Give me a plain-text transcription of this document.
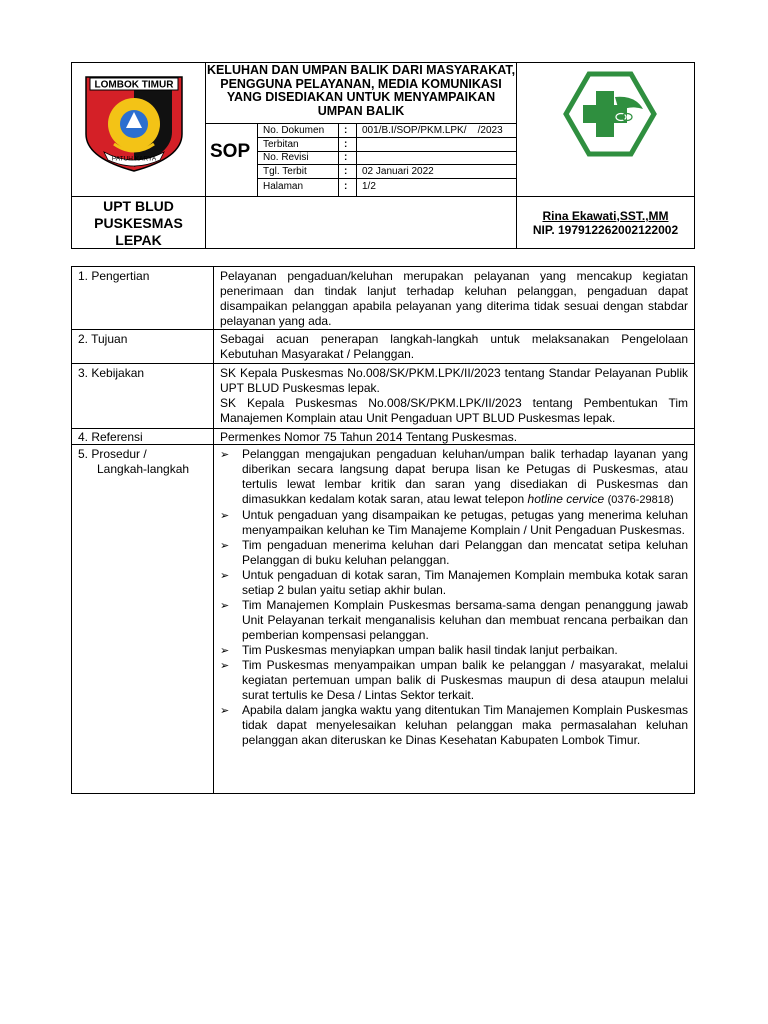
LOMBOK TIMUR
PATUH KARYA
KELUHAN DAN UMPAN BALIK DARI MASYARAKAT, PENGGUNA PELAYANAN, MEDIA KOMUNIKASI YANG DISEDIAKAN UNTUK MENYAMPAIKAN UMPAN BALIK
SOP
No. Dokumen : 001/B.I/SOP/PKM.LPK/    /2023
Terbitan	:
No. Revisi	:
Tgl. Terbit	: 02 Januari 2022
Halaman	: 1/2
UPT BLUD PUSKESMAS LEPAK
Rina Ekawati,SST.,MM
NIP. 197912262002122002
1. Pengertian	Pelayanan pengaduan/keluhan merupakan pelayanan yang mencakup kegiatan penerimaan dan tindak lanjut terhadap keluhan pelanggan, pengaduan dapat disampaikan pelanggan apabila pelayanan yang diterima tidak sesuai dengan stabdar pelayanan yang ada.

2. Tujuan	Sebagai acuan penerapan langkah-langkah untuk melaksanakan Pengelolaan Kebutuhan Masyarakat / Pelanggan.

3. Kebijakan	SK Kepala Puskesmas No.008/SK/PKM.LPK/II/2023 tentang Standar Pelayanan Publik UPT BLUD Puskesmas lepak.

SK Kepala Puskesmas No.008/SK/PKM.LPK/II/2023 tentang Pembentukan Tim Manajemen Komplain atau Unit Pengaduan UPT BLUD Puskesmas lepak.

4. Referensi	Permenkes Nomor 75 Tahun 2014 Tentang Puskesmas.

5. Prosedur /
Langkah-langkah
➢ Pelanggan mengajukan pengaduan keluhan/umpan balik terhadap layanan yang diberikan secara langsung dapat berupa lisan ke Petugas di Puskesmas, atau tertulis lewat lembar kritik dan saran yang disediakan di Puskesmas dan dimasukkan kedalam kotak saran, atau lewat telepon hotline cervice (0376-29818)
➢ Untuk pengaduan yang disampaikan ke petugas, petugas yang menerima keluhan menyampaikan keluhan ke Tim Manajeme Komplain / Unit Pengaduan Puskesmas.
➢ Tim pengaduan menerima keluhan dari Pelanggan dan mencatat setipa keluhan Pelanggan di buku keluhan pelanggan.
➢ Untuk pengaduan di kotak saran, Tim Manajemen Komplain membuka kotak saran setiap 2 bulan yaitu setiap akhir bulan.
➢ Tim Manajemen Komplain Puskesmas bersama-sama dengan penanggung jawab Unit Pelayanan terkait menganalisis keluhan dan membuat rencana perbaikan dan pemberian kompensasi pelanggan.
➢ Tim Puskesmas menyiapkan umpan balik hasil tindak lanjut perbaikan.
➢ Tim Puskesmas menyampaikan umpan balik ke pelanggan / masyarakat, melalui kegiatan pertemuan umpan balik di Puskesmas maupun di desa ataupun melalui surat tertulis ke Desa / Lintas Sektor terkait.
➢ Apabila dalam jangka waktu yang ditentukan Tim Manajemen Komplain Puskesmas tidak dapat menyelesaikan keluhan pelanggan maka permasalahan keluhan pelanggan akan diteruskan ke Dinas Kesehatan Kabupaten Lombok Timur.
